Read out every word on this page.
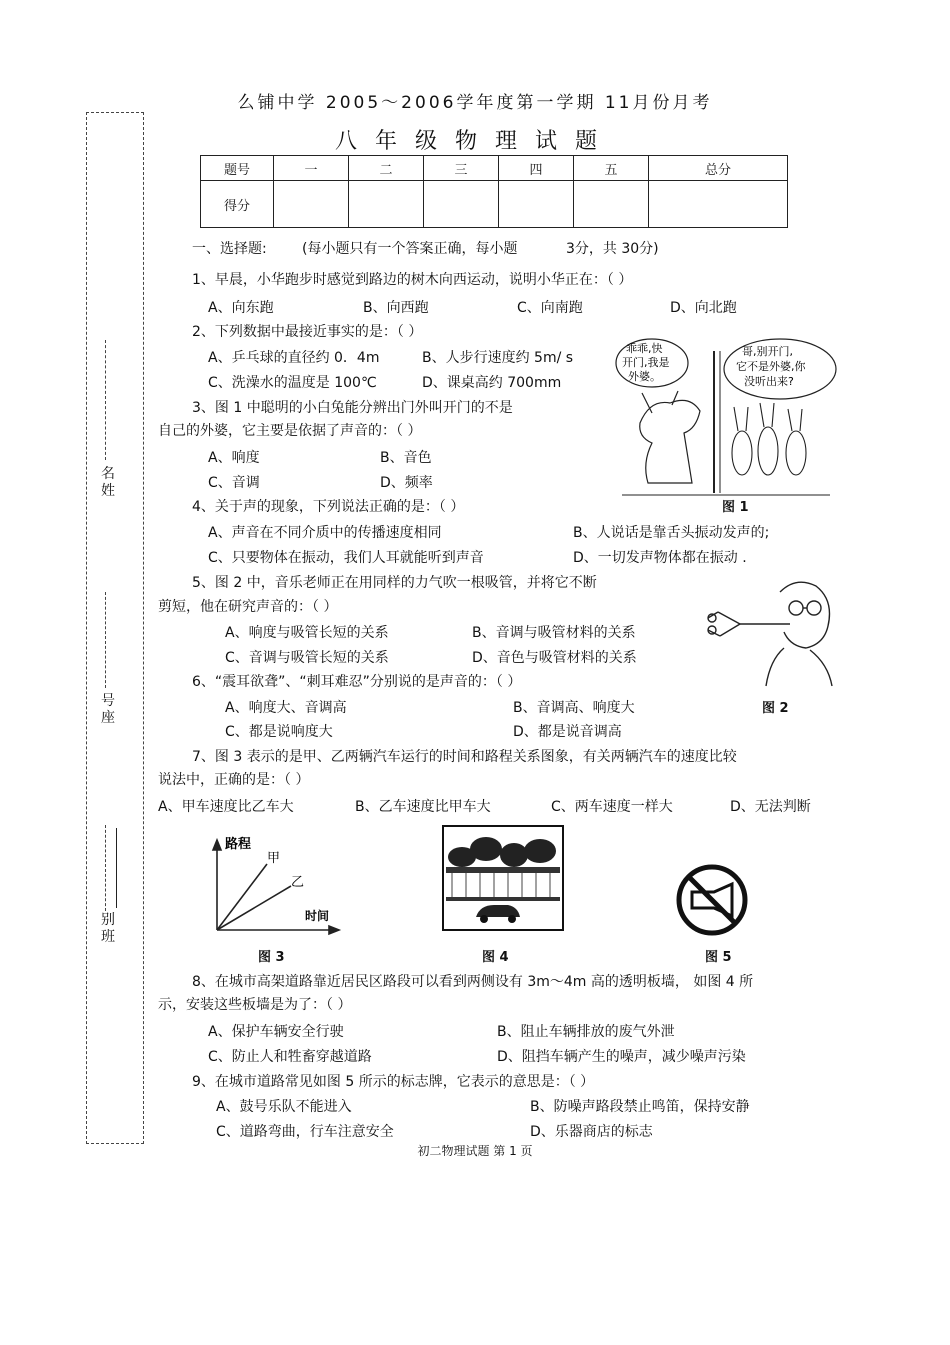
么铺中学 2005～2006学年度第一学期 11月份月考
八年级物理试题
题号	一	二	三	四	五	总分
得分						
名姓
号座
别班
一、选择题:	(每小题只有一个答案正确，每小题	3分，共 30分)
1、早晨，小华跑步时感觉到路边的树木向西运动，说明小华正在：（ ）
A、向东跑	B、向西跑	C、向南跑	D、向北跑
2、下列数据中最接近事实的是：（ ）
A、乒乓球的直径约 0．4m	B、人步行速度约 5m/ s
C、洗澡水的温度是 100℃	D、课桌高约 700mm
3、图 1 中聪明的小白兔能分辨出门外叫开门的不是
自己的外婆，它主要是依据了声音的：（ ）
A、响度	B、音色
C、音调	D、频率
乖乖,快
开门,我是
外婆。
哥,别开门,
它不是外婆,你
没听出来?
图 1
4、关于声的现象，下列说法正确的是：（ ）
A、声音在不同介质中的传播速度相同	B、人说话是靠舌头振动发声的;
C、只要物体在振动，我们人耳就能听到声音	D、一切发声物体都在振动 .
5、图 2 中，音乐老师正在用同样的力气吹一根吸管，并将它不断
剪短，他在研究声音的：（ ）
A、响度与吸管长短的关系	B、音调与吸管材料的关系
C、音调与吸管长短的关系	D、音色与吸管材料的关系
图 2
6、“震耳欲聋”、“刺耳难忍”分别说的是声音的：（ ）
A、响度大、音调高	B、音调高、响度大
C、都是说响度大	D、都是说音调高
7、图 3 表示的是甲、乙两辆汽车运行的时间和路程关系图象，有关两辆汽车的速度比较
说法中，正确的是：（ ）
A、甲车速度比乙车大	B、乙车速度比甲车大	C、两车速度一样大	D、无法判断
路程
时间
甲
乙
图 3	图 4	图 5
8、在城市高架道路靠近居民区路段可以看到两侧设有 3m～4m 高的透明板墙， 如图 4 所
示，安装这些板墙是为了：（ ）
A、保护车辆安全行驶	B、阻止车辆排放的废气外泄
C、防止人和牲畜穿越道路	D、阻挡车辆产生的噪声，减少噪声污染
9、在城市道路常见如图 5 所示的标志牌，它表示的意思是：（ ）
A、鼓号乐队不能进入	B、防噪声路段禁止鸣笛，保持安静
C、道路弯曲，行车注意安全	D、乐器商店的标志
初二物理试题 第 1 页
